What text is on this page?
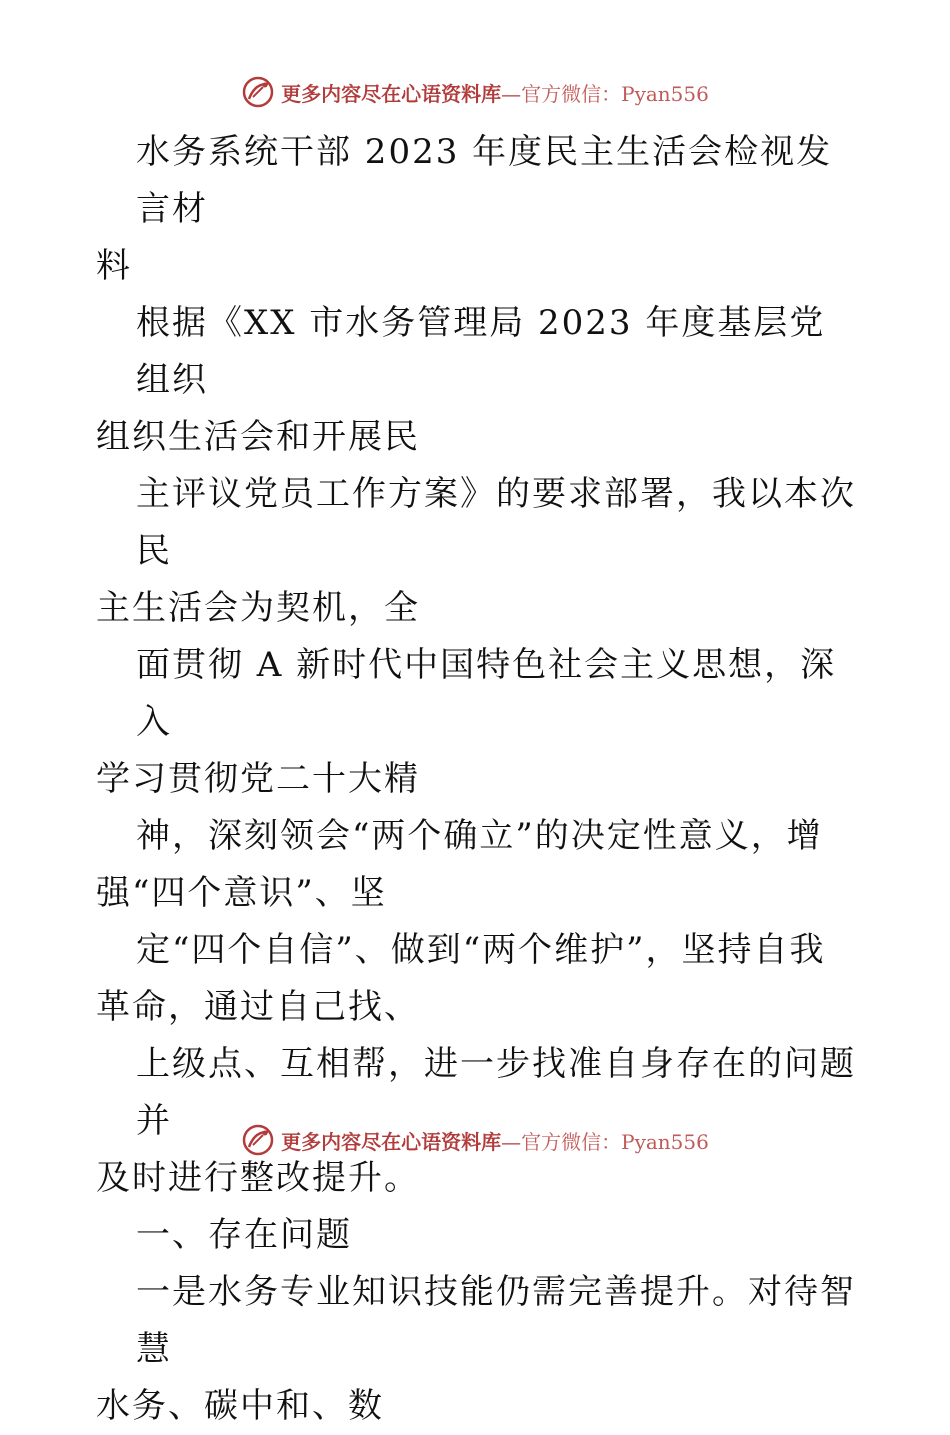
更多内容尽在心语资料库—官方微信：Pyan556

水务系统干部 2023 年度民主生活会检视发言材
料

根据《XX 市水务管理局 2023 年度基层党组织
组织生活会和开展民

主评议党员工作方案》的要求部署，我以本次民
主生活会为契机，全

面贯彻 A 新时代中国特色社会主义思想，深入
学习贯彻党二十大精

神，深刻领会“两个确立”的决定性意义，增
强“四个意识”、坚

定“四个自信”、做到“两个维护”，坚持自我
革命，通过自己找、

上级点、互相帮，进一步找准自身存在的问题并
及时进行整改提升。

一、存在问题

一是水务专业知识技能仍需完善提升。对待智慧
水务、碳中和、数

更多内容尽在心语资料库—官方微信：Pyan556
